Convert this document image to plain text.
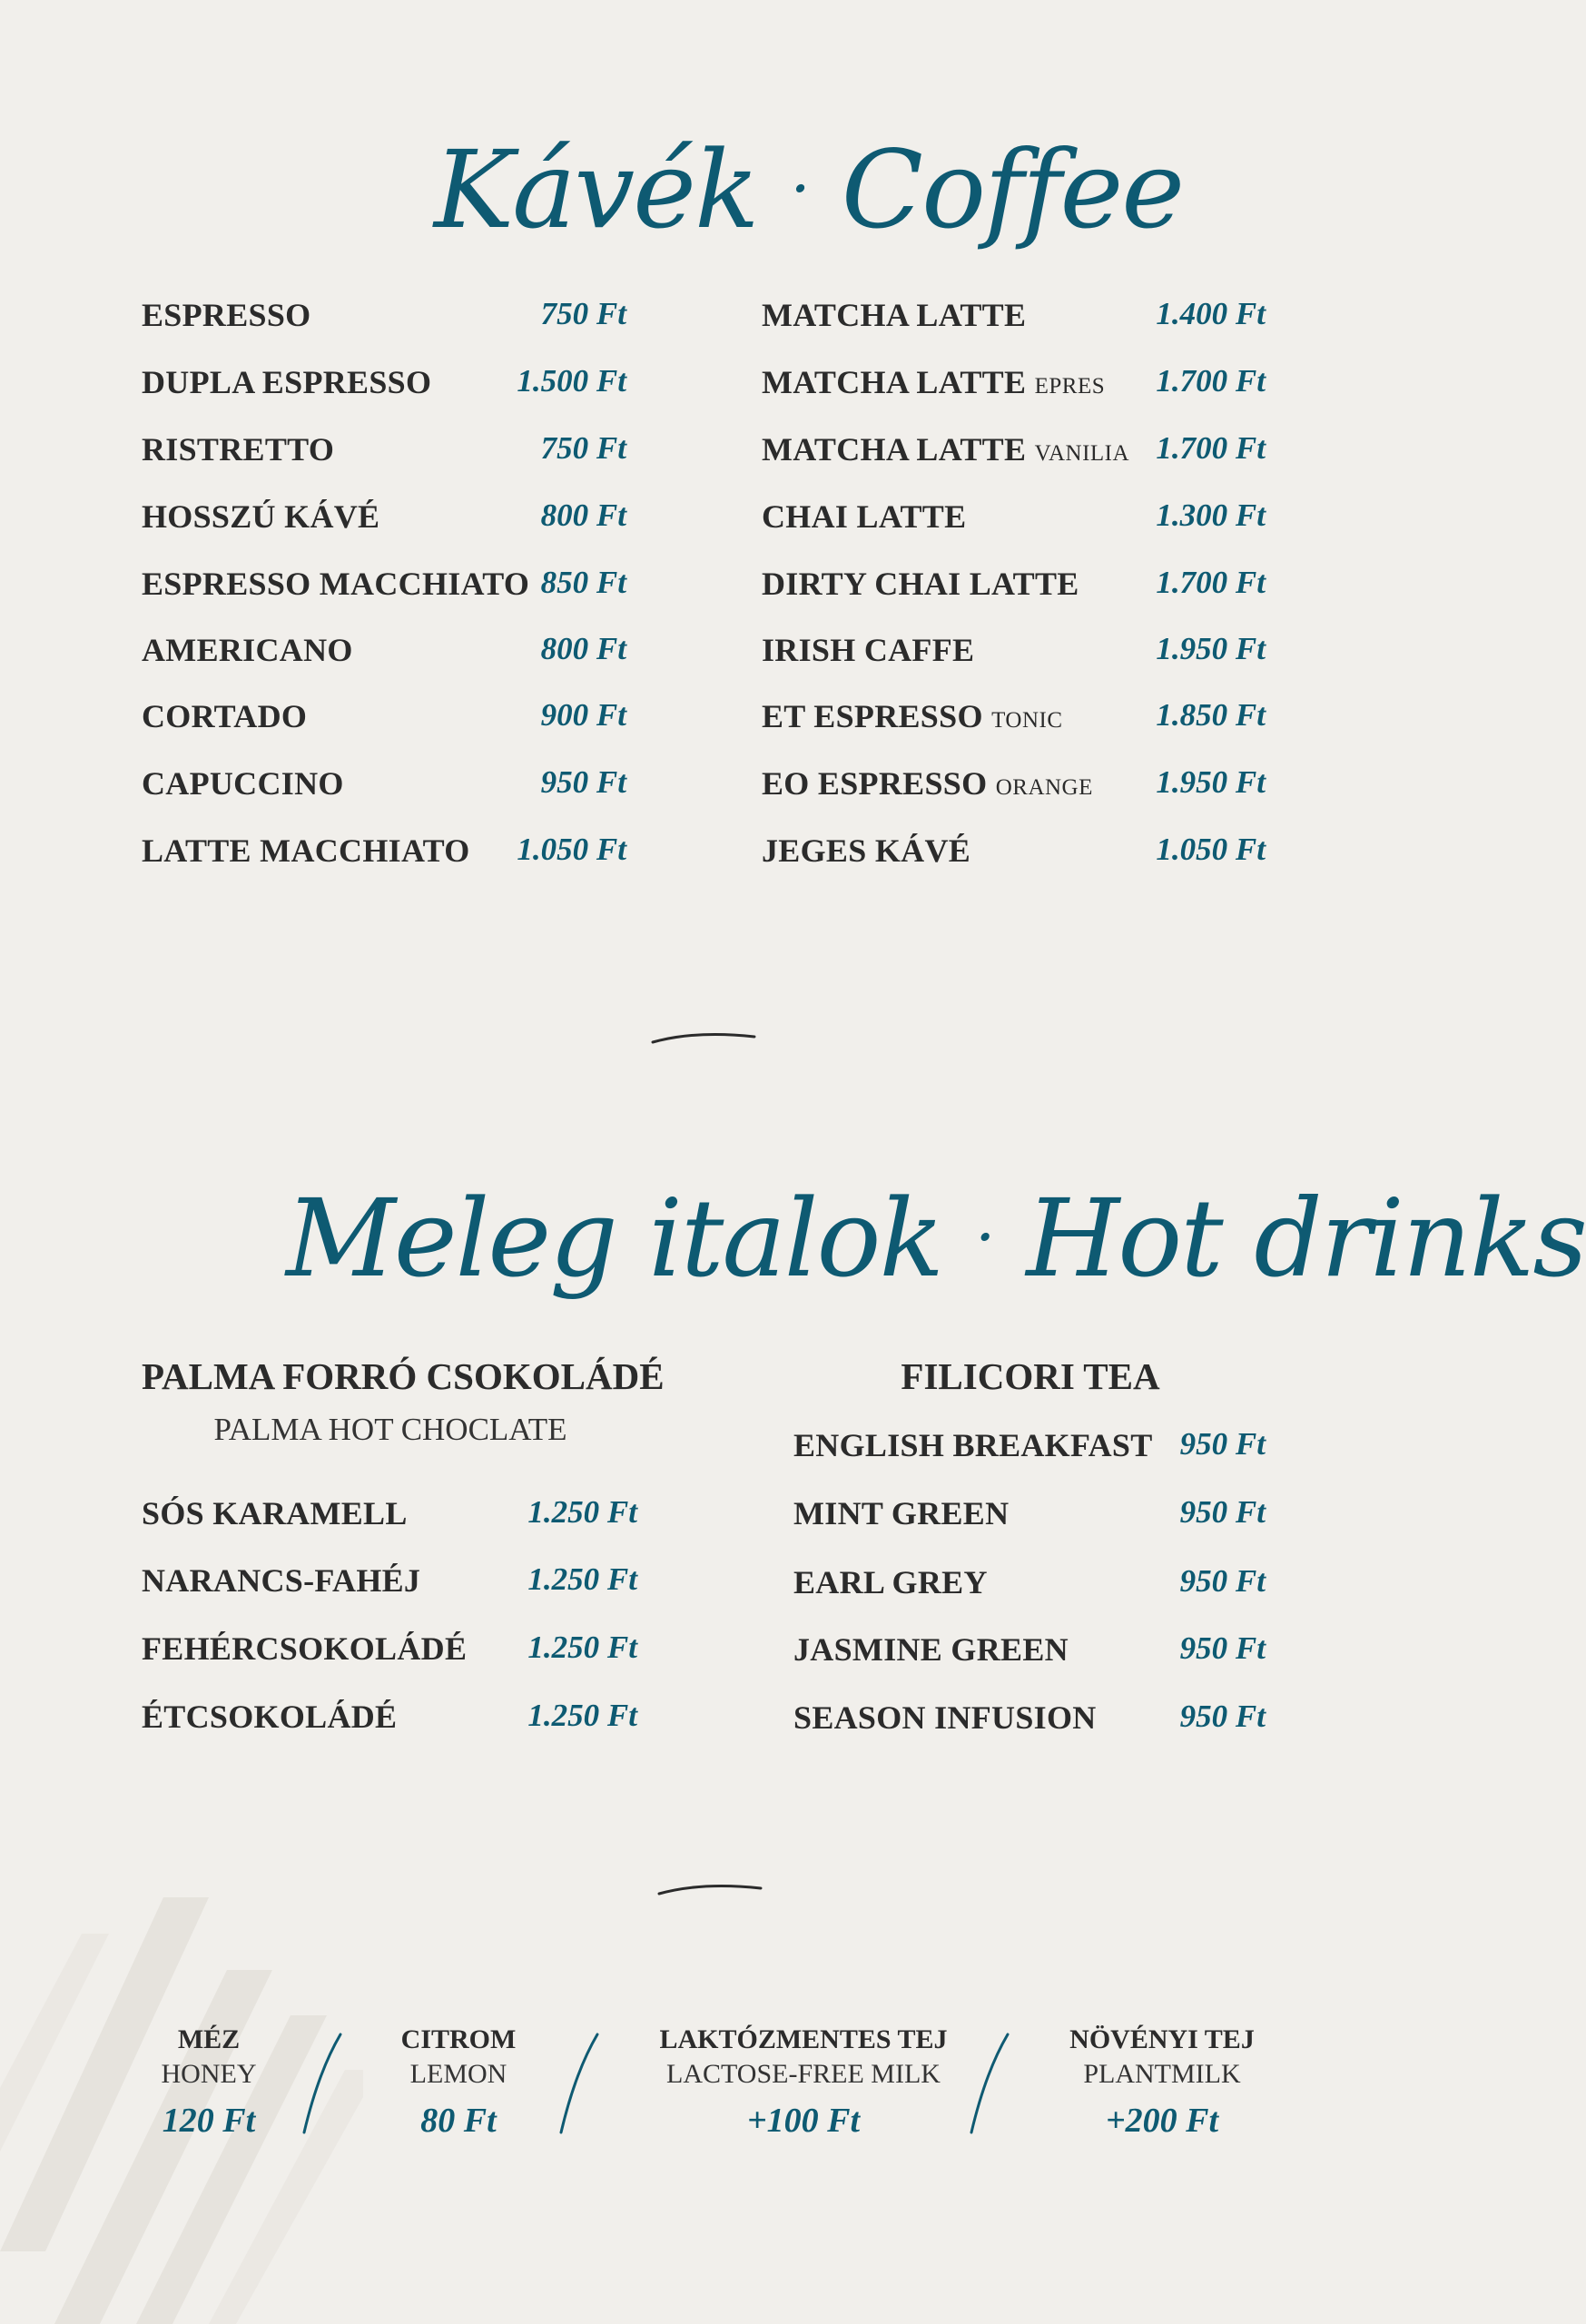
Kávék · Coffee
ESPRESSO	750 Ft
DUPLA ESPRESSO	1.500 Ft
RISTRETTO	750 Ft
HOSSZÚ KÁVÉ	800 Ft
ESPRESSO MACCHIATO 850 Ft
AMERICANO	800 Ft
CORTADO	900 Ft
CAPUCCINO	950 Ft
LATTE MACCHIATO 1.050 Ft
MATCHA LATTE	1.400 Ft
MATCHA LATTE EPRES 1.700 Ft
MATCHA LATTE VANILIA 1.700 Ft
CHAI LATTE	1.300 Ft
DIRTY CHAI LATTE 1.700 Ft
IRISH CAFFE	1.950 Ft
ET ESPRESSO TONIC	1.850 Ft
EO ESPRESSO ORANGE 1.950 Ft
JEGES KÁVÉ	1.050 Ft
Meleg italok · Hot drinks
PALMA FORRÓ CSOKOLÁDÉ
PALMA HOT CHOCLATE
SÓS KARAMELL	1.250 Ft
NARANCS-FAHÉJ	1.250 Ft
FEHÉRCSOKOLÁDÉ 1.250 Ft
ÉTCSOKOLÁDÉ	1.250 Ft
FILICORI TEA
ENGLISH BREAKFAST 950 Ft
MINT GREEN	950 Ft
EARL GREY	950 Ft
JASMINE GREEN	950 Ft
SEASON INFUSION	950 Ft
MÉZ
HONEY
120 Ft
CITROM
LEMON
80 Ft
LAKTÓZMENTES TEJ
LACTOSE-FREE MILK
+100 Ft
NÖVÉNYI TEJ
PLANTMILK
+200 Ft
